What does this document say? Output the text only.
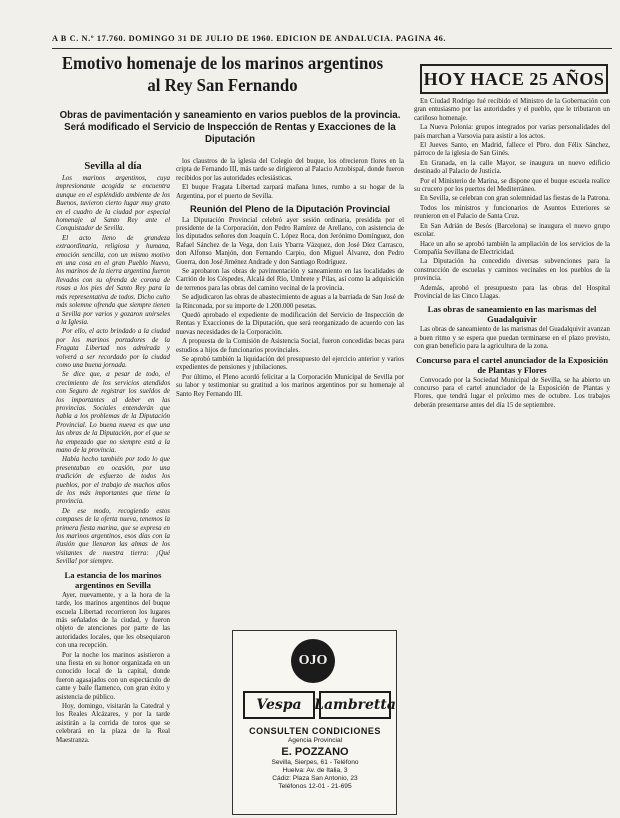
A B C. N.º 17.760. DOMINGO 31 DE JULIO DE 1960. EDICION DE ANDALUCIA. PAGINA 46.
Emotivo homenaje de los marinos argentinos
al Rey San Fernando
Obras de pavimentación y saneamiento en varios pueblos de la provincia. Será modificado el Servicio de Inspección de Rentas y Exacciones de la Diputación
HOY HACE 25 AÑOS
Sevilla al día

Los marinos argentinos, cuya impresionante acogida se encuentra aunque en el espléndido ambiente de los Buenos, tuvieron cierto lugar muy grato en el cuadro de la ciudad por especial homenaje al Santo Rey ante el Conquistador de Sevilla.

El acto lleno de grandeza extraordinaria, religiosa y humana, emoción sencilla, con un mismo motivo en una cosa en el gran Pueblo Nuevo, los marinos de la tierra argentina fueron llevados con su ofrenda de corona de rosas a los pies del Santo Rey para la más representativa de todos. Dicho culto más solemne ofrenda que siempre tienen a Sevilla por varios y gozaron unirseles a la Iglesia.

Por ello, el acto brindado a la ciudad por los marinos portadores de la Fragata Libertad nos admirada y volverá a ser recordado por la ciudad como una buena jornada.

Se dice que, a pesar de todo, el crecimiento de los servicios atendidos con Seguro de registrar los sueldos de los importantes al deber en las provincias. Sociales entenderán que habla a los problemas de la Diputación Provincial. Lo buena nueva es que una las obras de la Diputación, por el que se ha empezado que no siempre está a la mano de la provincia.

Había hecho también por todo lo que presentaban en ocasión, por una tradición de esfuerzo de todos los pueblos, por el trabajo de muchos años de los más importantes que tiene la provincia.

De ese modo, recogiendo estos compases de la oferta nueva, tenemos la primera fiesta marina, que se expresa en los marinos argentinos, esos días con la ilusión que llenaron las almas de los visitantes de nuestra tierra: ¡Qué Sevilla! por siempre.

La estancia de los marinos argentinos en Sevilla

Ayer, nuevamente, y a la hora de la tarde, los marinos argentinos del buque escuela Libertad recorrieron los lugares más señalados de la ciudad, y fueron objeto de atenciones por parte de las autoridades locales, que les obsequiaron con una recepción.

Por la noche los marinos asistieron a una fiesta en su honor organizada en un conocido local de la capital, donde fueron agasajados con un espectáculo de cante y baile flamenco, con gran éxito y asistencia de público.

Hoy, domingo, visitarán la Catedral y los Reales Alcázares, y por la tarde asistirán a la corrida de toros que se celebrará en la plaza de la Real Maestranza.

los claustros de la iglesia del Colegio del buque, los ofrecieron flores en la cripta de Fernando III, más tarde se dirigieron al Palacio Arzobispal, donde fueron recibidos por las autoridades eclesiásticas.

El buque Fragata Libertad zarpará mañana lunes, rumbo a su hogar de la Argentina, por el puerto de Sevilla.

Reunión del Pleno de la Diputación Provincial

La Diputación Provincial celebró ayer sesión ordinaria, presidida por el presidente de la Corporación, don Pedro Ramírez de Arellano, con asistencia de los diputados señores don Joaquín C. López Roca, don Jerónimo Domínguez, don Rafael Sánchez de la Vega, don Luis Ybarra Vázquez, don José Díez Carrasco, don Alfonso Manjón, don Fernando Carpio, don Miguel Álvarez, don Pedro Guerra, don José Jiménez Andrade y don Santiago Rodríguez.

Se aprobaron las obras de pavimentación y saneamiento en las localidades de Carrión de los Céspedes, Alcalá del Río, Umbrete y Pilas, así como la adquisición de terrenos para las obras del camino vecinal de la provincia.

Se adjudicaron las obras de abastecimiento de aguas a la barriada de San José de la Rinconada, por su importe de 1.200.000 pesetas.

Quedó aprobado el expediente de modificación del Servicio de Inspección de Rentas y Exacciones de la Diputación, que será reorganizado de acuerdo con las nuevas necesidades de la Corporación.

A propuesta de la Comisión de Asistencia Social, fueron concedidas becas para estudios a hijos de funcionarios provinciales.

Se aprobó también la liquidación del presupuesto del ejercicio anterior y varios expedientes de pensiones y jubilaciones.

Por último, el Pleno acordó felicitar a la Corporación Municipal de Sevilla por su labor y testimoniar su gratitud a los marinos argentinos por su homenaje al Santo Rey Fernando III.

En Ciudad Rodrigo fué recibido el Ministro de la Gobernación con gran entusiasmo por las autoridades y el pueblo, que le tributaron un cariñoso homenaje.

La Nueva Polonia: grupos integrados por varias personalidades del país marchan a Varsovia para asistir a los actos.

El Jueves Santo, en Madrid, fallece el Pbro. don Félix Sánchez, párroco de la iglesia de San Ginés.

En Granada, en la calle Mayor, se inaugura un nuevo edificio destinado al Palacio de Justicia.

Por el Ministerio de Marina, se dispone que el buque escuela realice su crucero por los puertos del Mediterráneo.

En Sevilla, se celebran con gran solemnidad las fiestas de la Patrona.

Todos los ministros y funcionarios de Asuntos Exteriores se reunieron en el Palacio de Santa Cruz.

En San Adrián de Besós (Barcelona) se inaugura el nuevo grupo escolar.

Hace un año se aprobó también la ampliación de los servicios de la Compañía Sevillana de Electricidad.

La Diputación ha concedido diversas subvenciones para la construcción de escuelas y caminos vecinales en los pueblos de la provincia.

Además, aprobó el presupuesto para las obras del Hospital Provincial de las Cinco Llagas.

Las obras de saneamiento en las marismas del Guadalquivir

Las obras de saneamiento de las marismas del Guadalquivir avanzan a buen ritmo y se espera que puedan terminarse en el plazo previsto, con gran beneficio para la agricultura de la zona.

Concurso para el cartel anunciador de la Exposición de Plantas y Flores

Convocado por la Sociedad Municipal de Sevilla, se ha abierto un concurso para el cartel anunciador de la Exposición de Plantas y Flores, que tendrá lugar el próximo mes de octubre. Los trabajos deberán presentarse antes del día 15 de septiembre.

OJO
Vespa Lambretta
CONSULTEN CONDICIONES
Agencia Provincial
E. POZZANO
Sevilla, Sierpes, 61 - Teléfono
Huelva: Av. de Italia, 3
Cádiz: Plaza San Antonio, 23
Teléfonos 12-01 - 21-695
